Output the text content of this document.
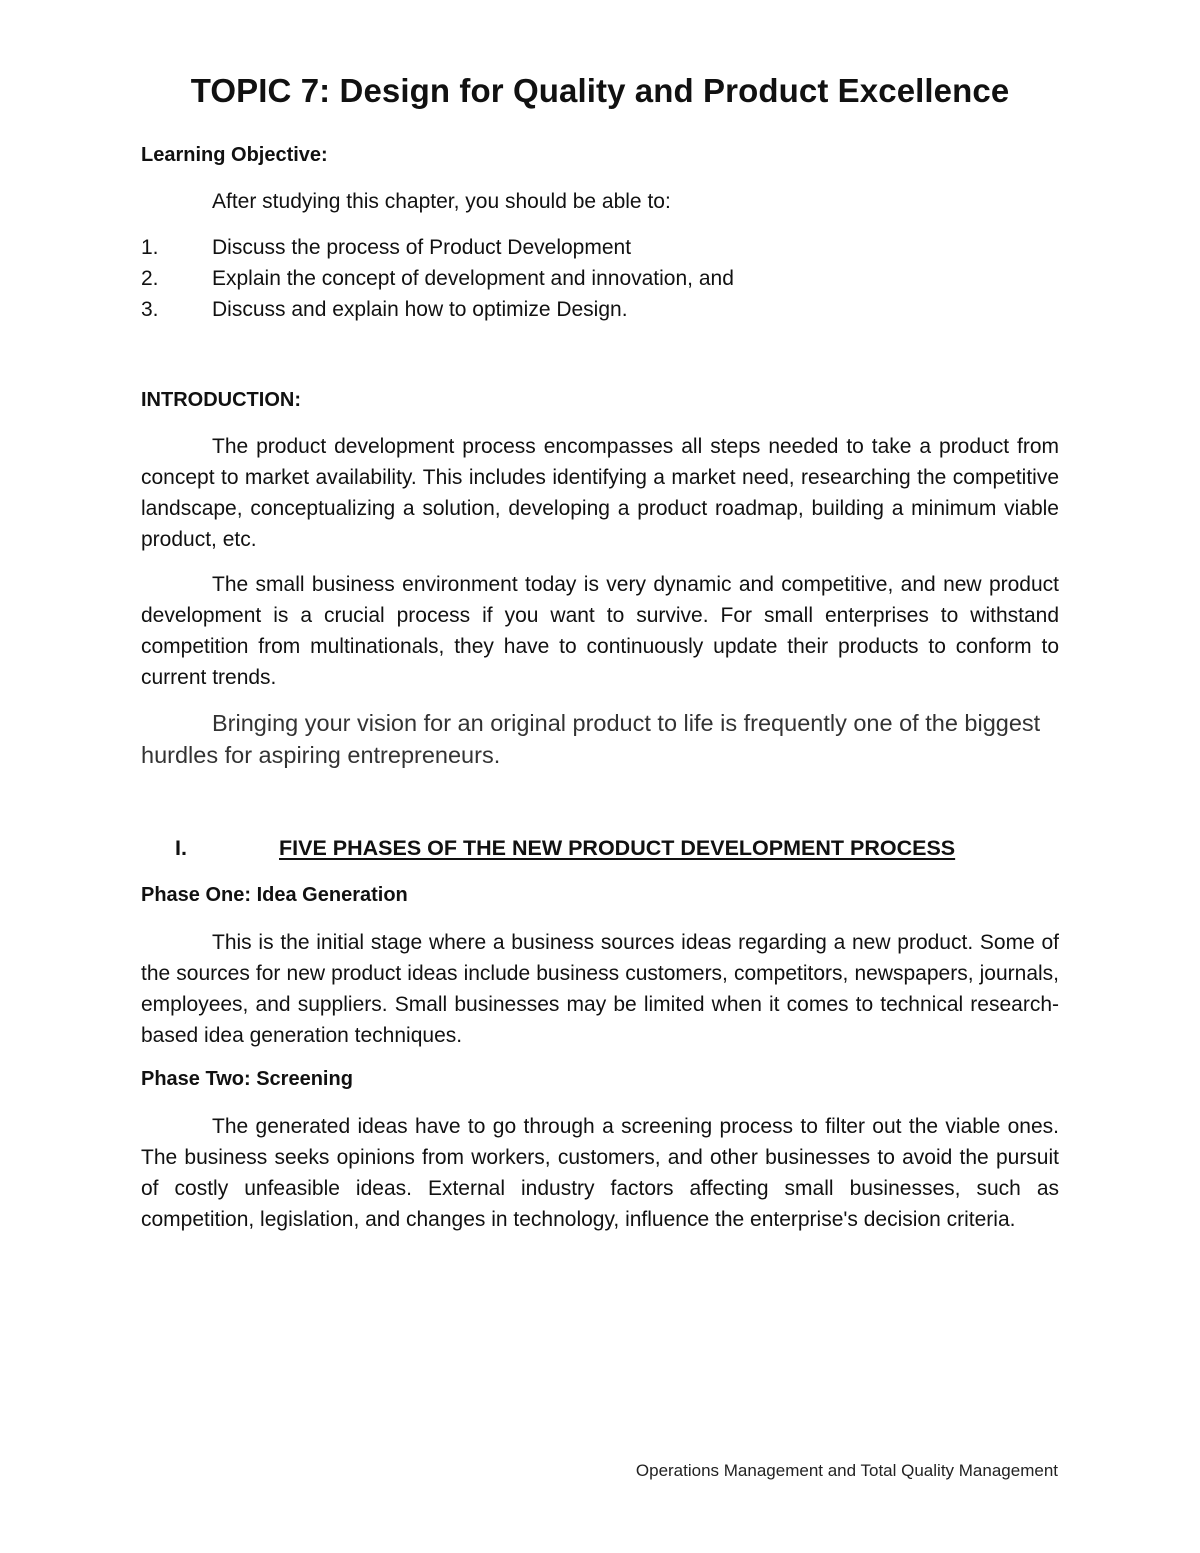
TOPIC 7: Design for Quality and Product Excellence
Learning Objective:
After studying this chapter, you should be able to:
1.	Discuss the process of Product Development
2.	Explain the concept of development and innovation, and
3.	Discuss and explain how to optimize Design.
INTRODUCTION:

The product development process encompasses all steps needed to take a product from concept to market availability. This includes identifying a market need, researching the competitive landscape, conceptualizing a solution, developing a product roadmap, building a minimum viable product, etc.

The small business environment today is very dynamic and competitive, and new product development is a crucial process if you want to survive. For small enterprises to withstand competition from multinationals, they have to continuously update their products to conform to current trends.

Bringing your vision for an original product to life is frequently one of the biggest hurdles for aspiring entrepreneurs.

I.	FIVE PHASES OF THE NEW PRODUCT DEVELOPMENT PROCESS
Phase One: Idea Generation

This is the initial stage where a business sources ideas regarding a new product. Some of the sources for new product ideas include business customers, competitors, newspapers, journals, employees, and suppliers. Small businesses may be limited when it comes to technical research-based idea generation techniques.

Phase Two: Screening

The generated ideas have to go through a screening process to filter out the viable ones. The business seeks opinions from workers, customers, and other businesses to avoid the pursuit of costly unfeasible ideas. External industry factors affecting small businesses, such as competition, legislation, and changes in technology, influence the enterprise's decision criteria.

Operations Management and Total Quality Management
